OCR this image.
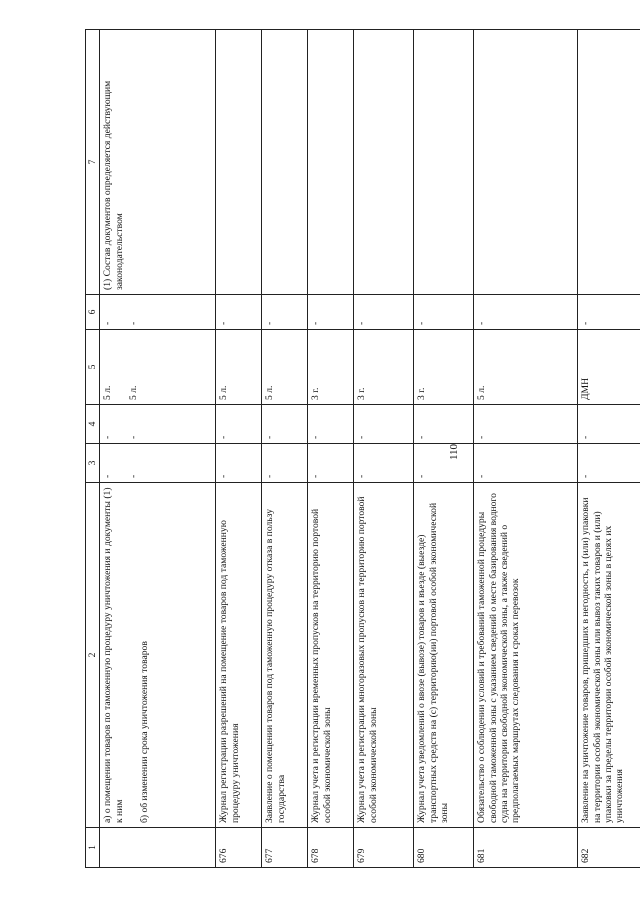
110
1	2	3	4	5	6	7

	а) о помещении товаров по таможенную процедуру уничтожения и документы (1) к ним б) об изменении срока уничтожения товаров	- -	- -	5 л. 5 л.	- -	(1) Состав документов определяется действующим законодательством
676	Журнал регистрации разрешений на помещение товаров под таможенную процедуру уничтожения	-	-	5 л.	-	
677	Заявление о помещении товаров под таможенную процедуру отказа в пользу государства	-	-	5 л.	-	
678	Журнал учета и регистрации временных пропусков на территорию портовой особой экономической зоны	-	-	3 г.	-	
679	Журнал учета и регистрации многоразовых пропусков на территорию портовой особой экономической зоны	-	-	3 г.	-	
680	Журнал учета уведомлений о ввозе (вывозе) товаров и въезде (выезде) транспортных средств на (с) территорию(ии) портовой особой экономической зоны	-	-	3 г.	-	
681	Обязательство о соблюдении условий и требований таможенной процедуры свободной таможенной зоны с указанием сведений о месте базирования водного судна на территории свободной экономической зоны, а также сведений о предполагаемых маршрутах следования и сроках перевозок	-	-	5 л.	-	
682	Заявление на уничтожение товаров, пришедших в негодность, и (или) упаковки на территории особой экономической зоны или вывоз таких товаров и (или) упаковки за пределы территории особой экономической зоны в целях их уничтожения	-	-	ДМН	-	
